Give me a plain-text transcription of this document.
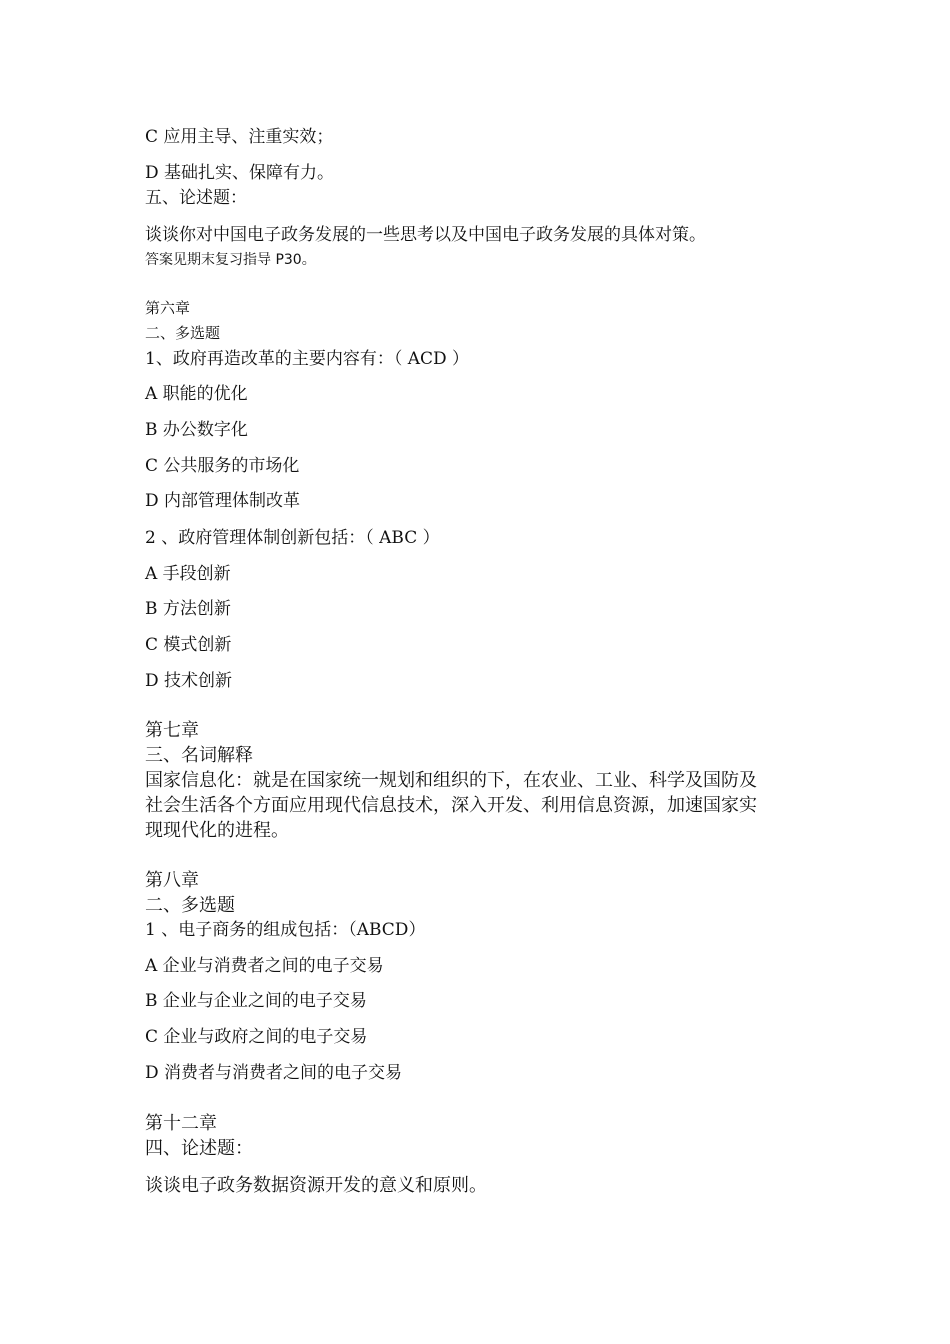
C 应用主导、注重实效；
D 基础扎实、保障有力。
五、论述题：
谈谈你对中国电子政务发展的一些思考以及中国电子政务发展的具体对策。
答案见期末复习指导 P30。
第六章
二、多选题
1、政府再造改革的主要内容有：（ ACD ）
A 职能的优化
B 办公数字化
C 公共服务的市场化
D 内部管理体制改革
2 、政府管理体制创新包括：（ ABC ）
A 手段创新
B 方法创新
C 模式创新
D 技术创新
第七章
三、名词解释
国家信息化：就是在国家统一规划和组织的下，在农业、工业、科学及国防及
社会生活各个方面应用现代信息技术，深入开发、利用信息资源，加速国家实
现现代化的进程。
第八章
二、多选题
1 、电子商务的组成包括：（ABCD）
A 企业与消费者之间的电子交易
B 企业与企业之间的电子交易
C 企业与政府之间的电子交易
D 消费者与消费者之间的电子交易
第十二章
四、论述题：
谈谈电子政务数据资源开发的意义和原则。
